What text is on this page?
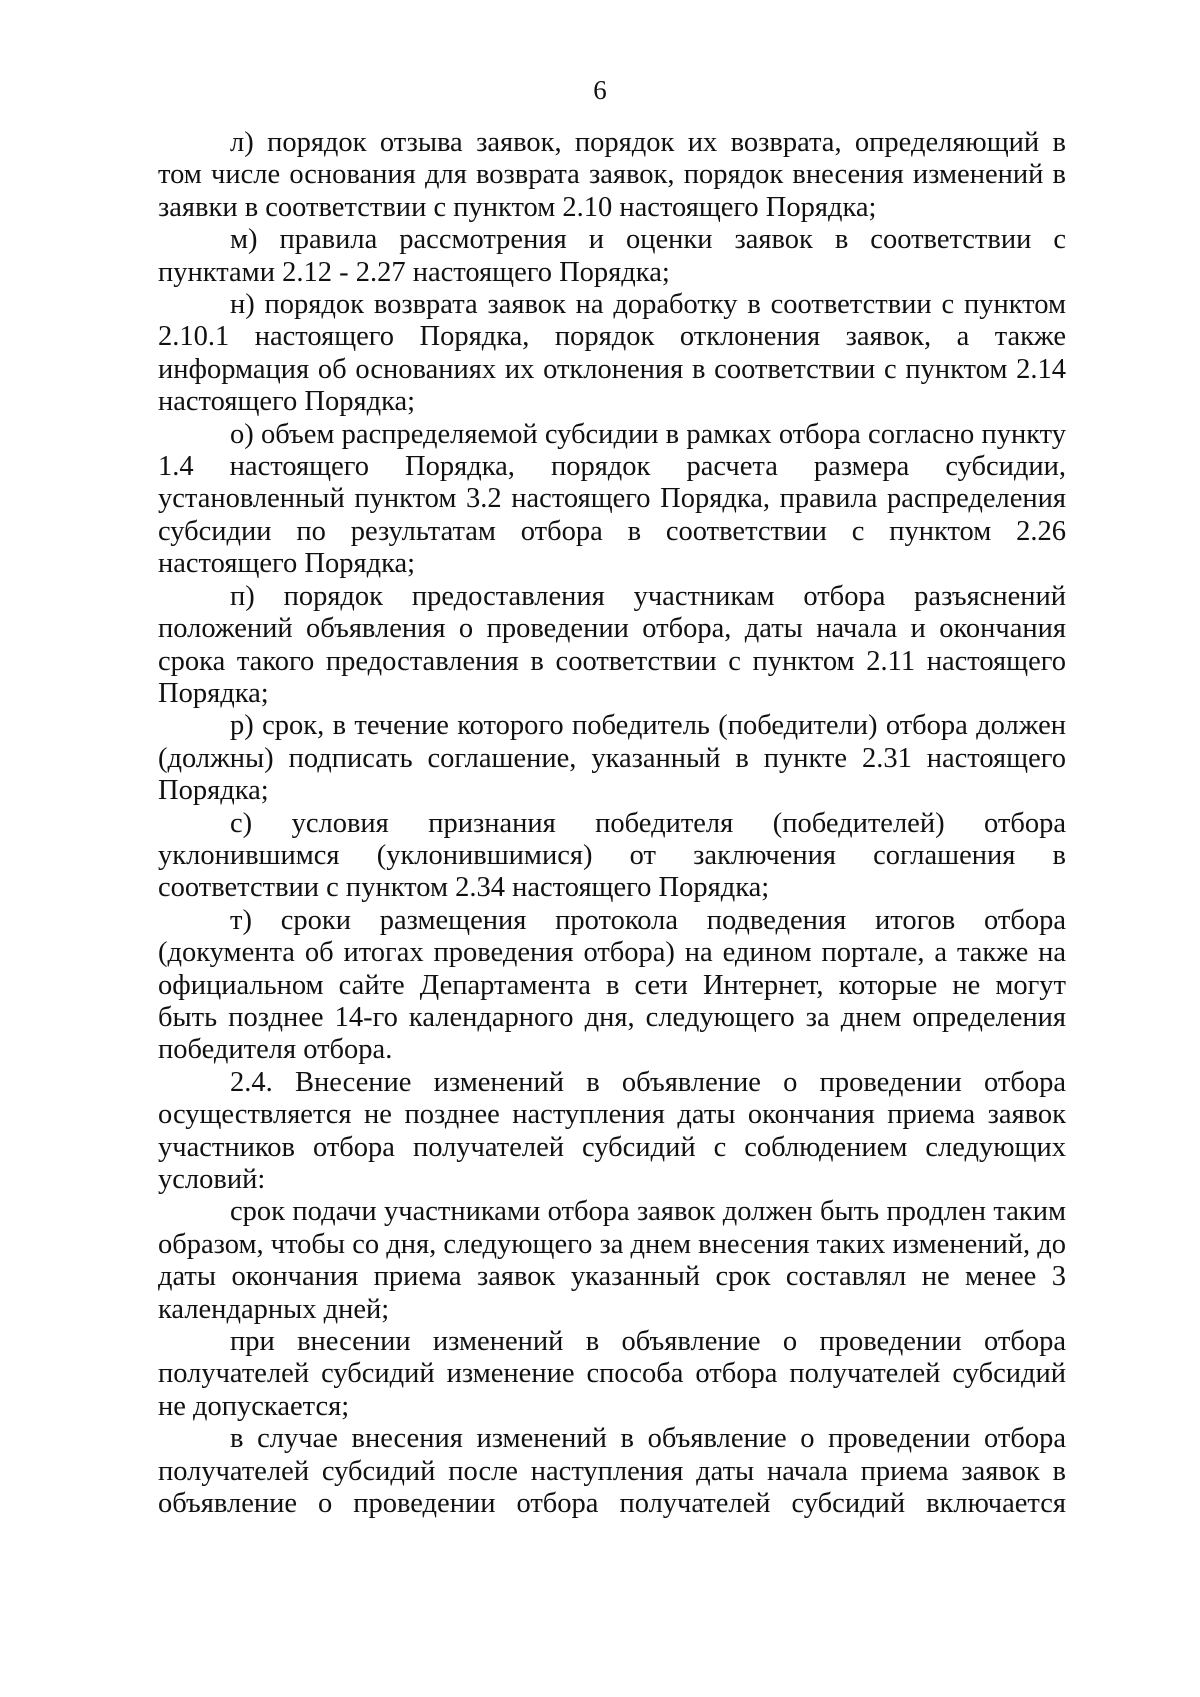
6

л) порядок отзыва заявок, порядок их возврата, определяющий в том числе основания для возврата заявок, порядок внесения изменений в заявки в соответствии с пунктом 2.10 настоящего Порядка;

м) правила рассмотрения и оценки заявок в соответствии с пунктами 2.12 - 2.27 настоящего Порядка;

н) порядок возврата заявок на доработку в соответствии с пунктом 2.10.1 настоящего Порядка, порядок отклонения заявок, а также информация об основаниях их отклонения в соответствии с пунктом 2.14 настоящего Порядка;

о) объем распределяемой субсидии в рамках отбора согласно пункту 1.4 настоящего Порядка, порядок расчета размера субсидии, установленный пунктом 3.2 настоящего Порядка, правила распределения субсидии по результатам отбора в соответствии с пунктом 2.26 настоящего Порядка;

п) порядок предоставления участникам отбора разъяснений положений объявления о проведении отбора, даты начала и окончания срока такого предоставления в соответствии с пунктом 2.11 настоящего Порядка;

р) срок, в течение которого победитель (победители) отбора должен (должны) подписать соглашение, указанный в пункте 2.31 настоящего Порядка;

с) условия признания победителя (победителей) отбора уклонившимся (уклонившимися) от заключения соглашения в соответствии с пунктом 2.34 настоящего Порядка;

т) сроки размещения протокола подведения итогов отбора (документа об итогах проведения отбора) на едином портале, а также на официальном сайте Департамента в сети Интернет, которые не могут быть позднее 14-го календарного дня, следующего за днем определения победителя отбора.

2.4. Внесение изменений в объявление о проведении отбора осуществляется не позднее наступления даты окончания приема заявок участников отбора получателей субсидий с соблюдением следующих условий:

срок подачи участниками отбора заявок должен быть продлен таким образом, чтобы со дня, следующего за днем внесения таких изменений, до даты окончания приема заявок указанный срок составлял не менее 3 календарных дней;

при внесении изменений в объявление о проведении отбора получателей субсидий изменение способа отбора получателей субсидий не допускается;

в случае внесения изменений в объявление о проведении отбора получателей субсидий после наступления даты начала приема заявок в объявление о проведении отбора получателей субсидий включается
